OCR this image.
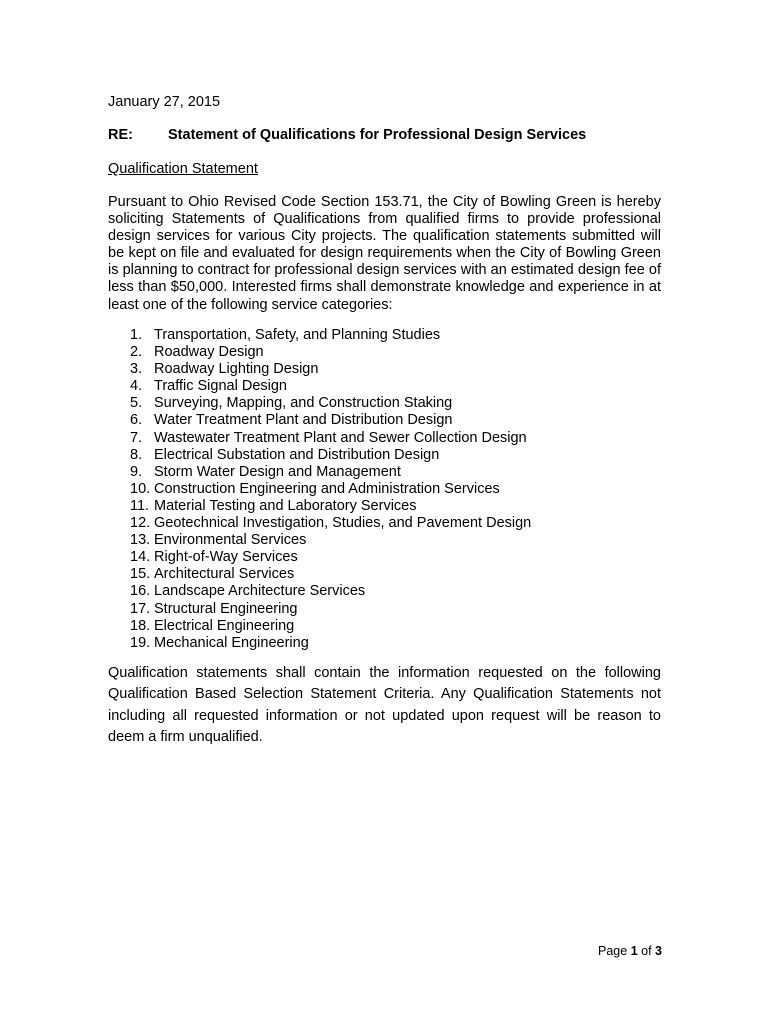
January 27, 2015
RE: Statement of Qualifications for Professional Design Services
Qualification Statement

Pursuant to Ohio Revised Code Section 153.71, the City of Bowling Green is hereby soliciting Statements of Qualifications from qualified firms to provide professional design services for various City projects. The qualification statements submitted will be kept on file and evaluated for design requirements when the City of Bowling Green is planning to contract for professional design services with an estimated design fee of less than $50,000. Interested firms shall demonstrate knowledge and experience in at least one of the following service categories:

1. Transportation, Safety, and Planning Studies
2. Roadway Design
3. Roadway Lighting Design
4. Traffic Signal Design
5. Surveying, Mapping, and Construction Staking
6. Water Treatment Plant and Distribution Design
7. Wastewater Treatment Plant and Sewer Collection Design
8. Electrical Substation and Distribution Design
9. Storm Water Design and Management
10. Construction Engineering and Administration Services
11. Material Testing and Laboratory Services
12. Geotechnical Investigation, Studies, and Pavement Design
13. Environmental Services
14. Right-of-Way Services
15. Architectural Services
16. Landscape Architecture Services
17. Structural Engineering
18. Electrical Engineering
19. Mechanical Engineering

Qualification statements shall contain the information requested on the following Qualification Based Selection Statement Criteria. Any Qualification Statements not including all requested information or not updated upon request will be reason to deem a firm unqualified.

Page 1 of 3
